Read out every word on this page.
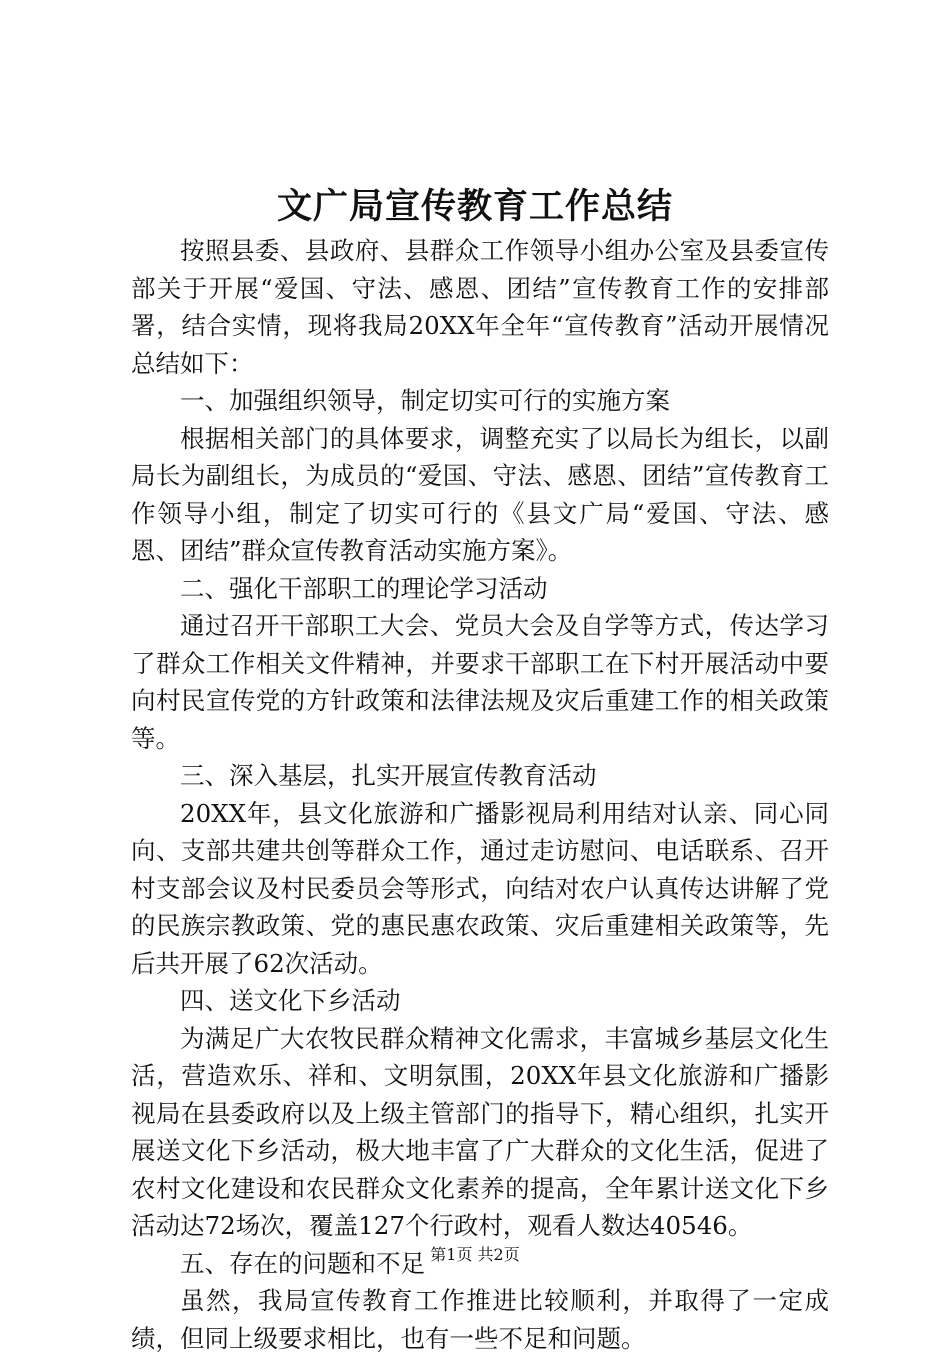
文广局宣传教育工作总结

按照县委、县政府、县群众工作领导小组办公室及县委宣传部关于开展“爱国、守法、感恩、团结”宣传教育工作的安排部署，结合实情，现将我局20XX年全年“宣传教育”活动开展情况总结如下：

一、加强组织领导，制定切实可行的实施方案

根据相关部门的具体要求，调整充实了以局长为组长，以副局长为副组长，为成员的“爱国、守法、感恩、团结”宣传教育工作领导小组，制定了切实可行的《县文广局“爱国、守法、感恩、团结”群众宣传教育活动实施方案》。

二、强化干部职工的理论学习活动

通过召开干部职工大会、党员大会及自学等方式，传达学习了群众工作相关文件精神，并要求干部职工在下村开展活动中要向村民宣传党的方针政策和法律法规及灾后重建工作的相关政策等。

三、深入基层，扎实开展宣传教育活动

20XX年，县文化旅游和广播影视局利用结对认亲、同心同向、支部共建共创等群众工作，通过走访慰问、电话联系、召开村支部会议及村民委员会等形式，向结对农户认真传达讲解了党的民族宗教政策、党的惠民惠农政策、灾后重建相关政策等，先后共开展了62次活动。

四、送文化下乡活动

为满足广大农牧民群众精神文化需求，丰富城乡基层文化生活，营造欢乐、祥和、文明氛围，20XX年县文化旅游和广播影视局在县委政府以及上级主管部门的指导下，精心组织，扎实开展送文化下乡活动，极大地丰富了广大群众的文化生活，促进了农村文化建设和农民群众文化素养的提高，全年累计送文化下乡活动达72场次，覆盖127个行政村，观看人数达40546。

五、存在的问题和不足

虽然，我局宣传教育工作推进比较顺利，并取得了一定成绩，但同上级要求相比，也有一些不足和问题。

第1页 共2页
